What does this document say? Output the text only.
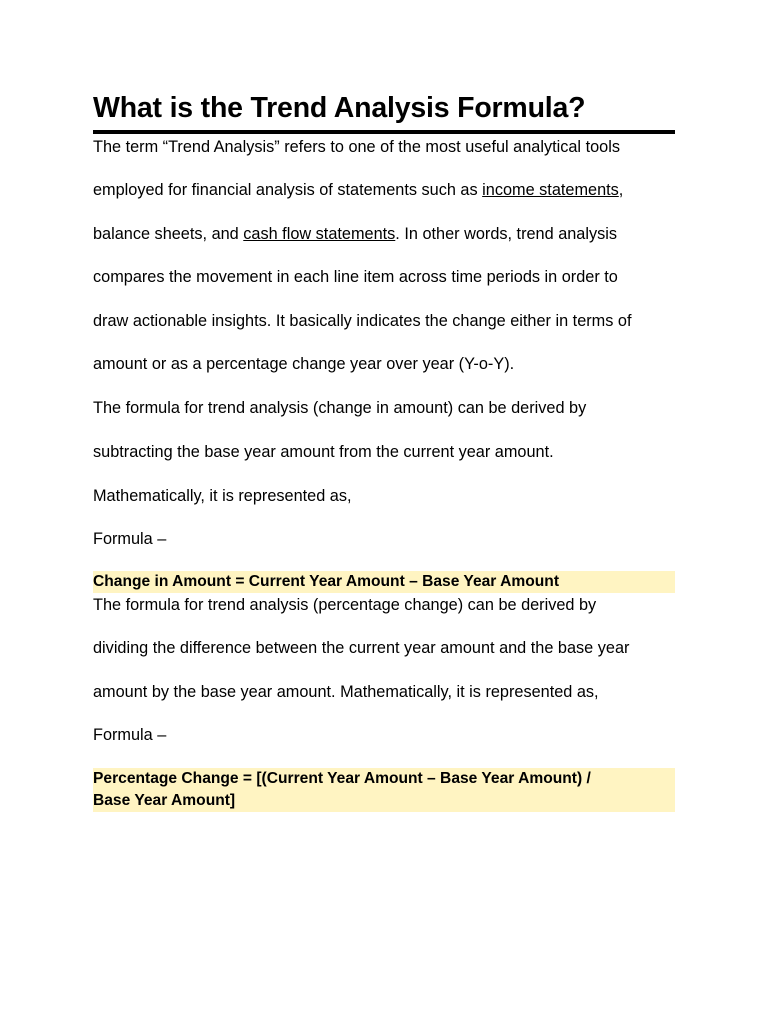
What is the Trend Analysis Formula?
The term “Trend Analysis” refers to one of the most useful analytical tools
employed for financial analysis of statements such as income statements,
balance sheets, and cash flow statements. In other words, trend analysis
compares the movement in each line item across time periods in order to
draw actionable insights. It basically indicates the change either in terms of
amount or as a percentage change year over year (Y-o-Y).
The formula for trend analysis (change in amount) can be derived by
subtracting the base year amount from the current year amount.
Mathematically, it is represented as,
Formula –
Change in Amount = Current Year Amount – Base Year Amount
The formula for trend analysis (percentage change) can be derived by
dividing the difference between the current year amount and the base year
amount by the base year amount. Mathematically, it is represented as,
Formula –
Percentage Change = [(Current Year Amount – Base Year Amount) /
Base Year Amount]
